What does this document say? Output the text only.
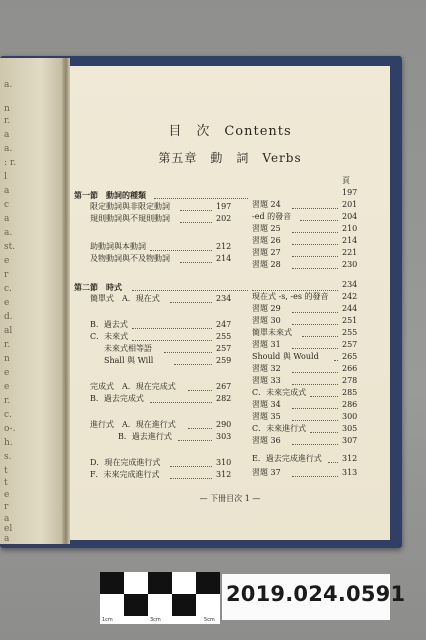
目　次　Contents
第五章　動　詞　Verbs
頁
第一節　動詞的種類
限定動詞與非限定動詞	197
規則動詞與不規則動詞	202
助動詞與本動詞	212
及物動詞與不及物動詞	214
第二節　時式
簡單式　A．現在式	234
B．過去式	247
C．未來式	255
未來式相等語	257
Shall 與 Will	259
完成式　A．現在完成式	267
B．過去完成式	282
進行式　A．現在進行式	290
B．過去進行式	303
D．現在完成進行式	310
F．未來完成進行式	312
197
習題 24	201
-ed 的發音	204
習題 25	210
習題 26	214
習題 27	221
習題 28	230
234
現在式 -s, -es 的發音 242
習題 29	244
習題 30	251
簡單未來式	255
習題 31	257
Should 與 Would	265
習題 32	266
習題 33	278
C．未來完成式	285
習題 34	286
習題 35	300
C．未來進行式	305
習題 36	307
E．過去完成進行式	312
習題 37	313
— 下冊目次 1 —
a.
n
r.
a
a.
: r.
l
a
c
a
a.
st.
e
r
c.
e
d.
al
r.
n
e
e
r.
c.
o-.
h.
s.
t
t
e
r
a
el
a
1cm	3cm	5cm
2019.024.0591
